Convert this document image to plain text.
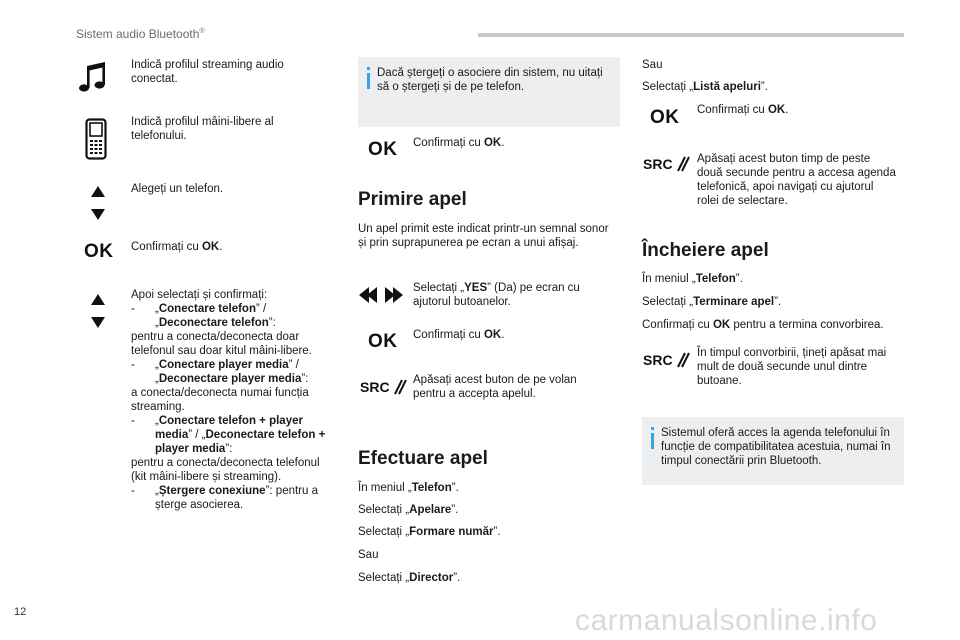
Sistem audio Bluetooth®
Indică profilul streaming audio conectat.
Indică profilul mâini-libere al telefonului.
Alegeți un telefon.
OK Confirmați cu OK.
Apoi selectați și confirmați:
- „Conectare telefon” / „Deconectare telefon”:
pentru a conecta/deconecta doar telefonul sau doar kitul mâini-libere.
- „Conectare player media” / „Deconectare player media”:
a conecta/deconecta numai funcția streaming.
- „Conectare telefon + player media” / „Deconectare telefon + player media”:
pentru a conecta/deconecta telefonul (kit mâini-libere și streaming).
- „Ștergere conexiune”: pentru a șterge asocierea.
Dacă ștergeți o asociere din sistem, nu uitați să o ștergeți și de pe telefon.
OK Confirmați cu OK.
Primire apel
Un apel primit este indicat printr-un semnal sonor și prin suprapunerea pe ecran a unui afișaj.
Selectați „YES” (Da) pe ecran cu ajutorul butoanelor.
OK Confirmați cu OK.
SRC Apăsați acest buton de pe volan pentru a accepta apelul.
Efectuare apel
În meniul „Telefon”.
Selectați „Apelare”.
Selectați „Formare număr”.
Sau
Selectați „Director”.
Sau
Selectați „Listă apeluri”.
OK Confirmați cu OK.
SRC Apăsați acest buton timp de peste două secunde pentru a accesa agenda telefonică, apoi navigați cu ajutorul rolei de selectare.
Încheiere apel
În meniul „Telefon”.
Selectați „Terminare apel”.
Confirmați cu OK pentru a termina convorbirea.
SRC În timpul convorbirii, țineți apăsat mai mult de două secunde unul dintre butoane.
Sistemul oferă acces la agenda telefonului în funcție de compatibilitatea acestuia, numai în timpul conectării prin Bluetooth.
12	carmanualsonline.info
